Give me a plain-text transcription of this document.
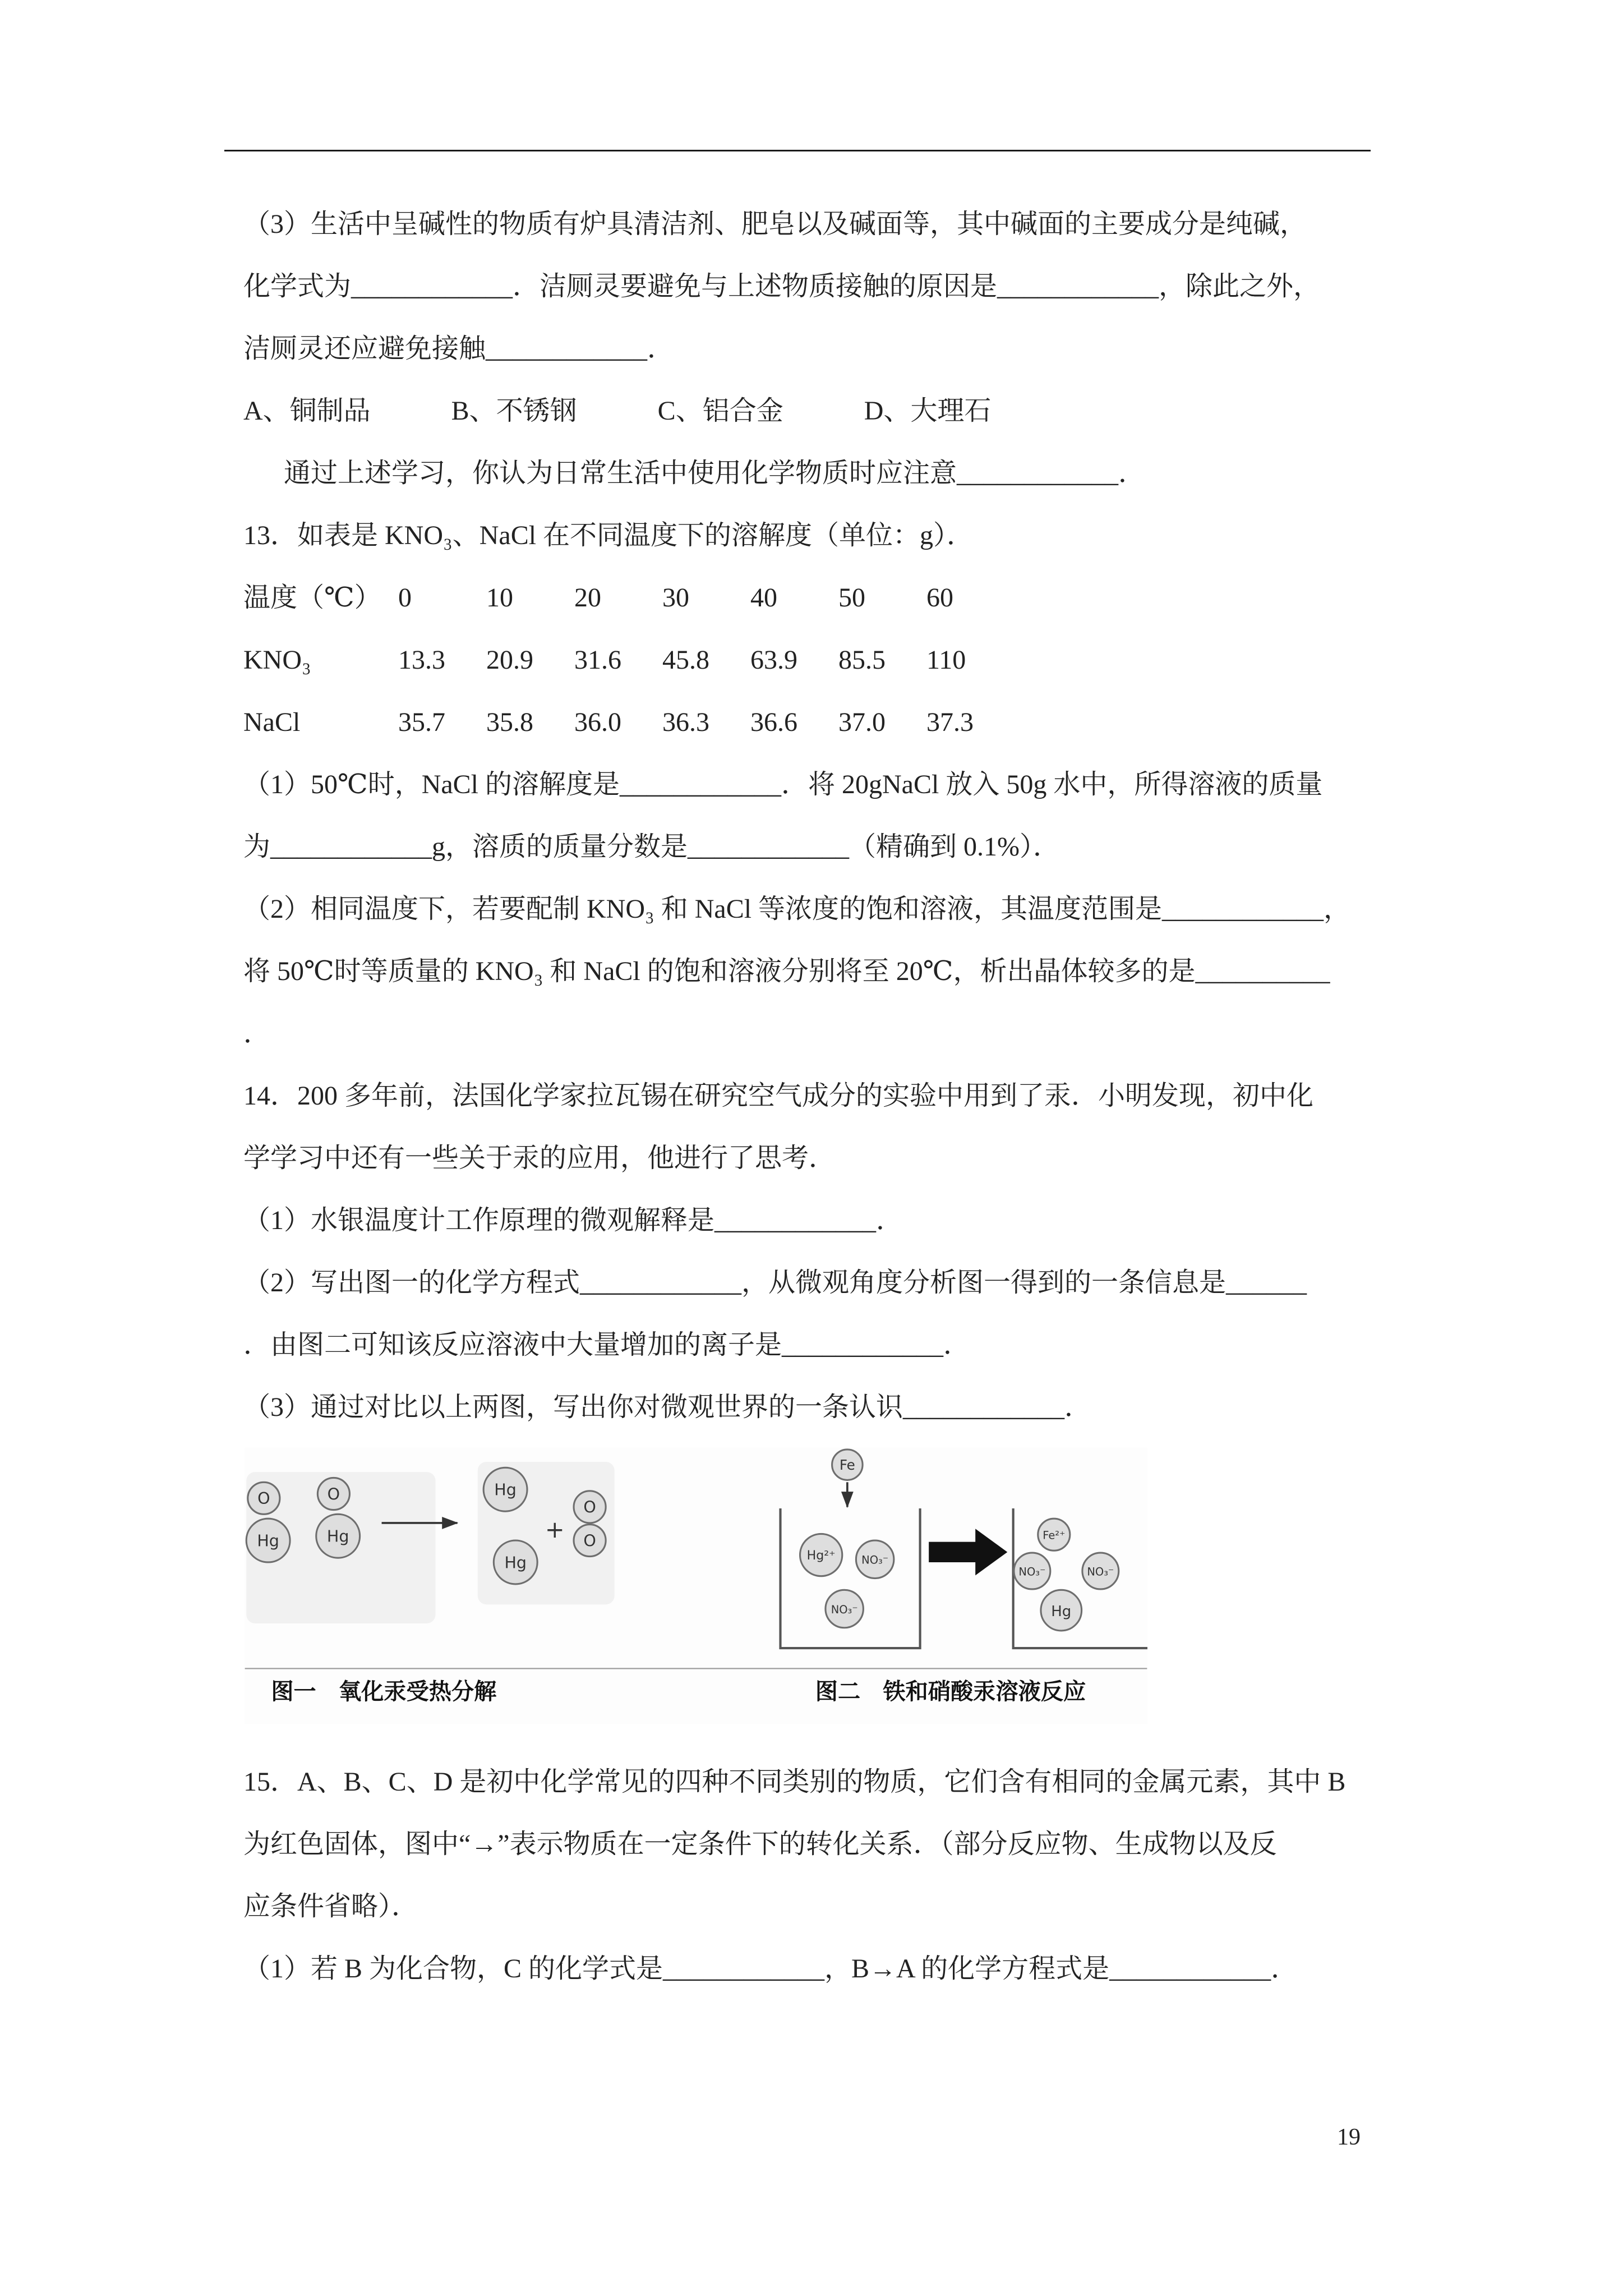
（3）生活中呈碱性的物质有炉具清洁剂、肥皂以及碱面等，其中碱面的主要成分是纯碱，

化学式为____________．洁厕灵要避免与上述物质接触的原因是____________，除此之外，

洁厕灵还应避免接触____________．

A、铜制品　　　B、不锈钢　　　C、铝合金　　　D、大理石

通过上述学习，你认为日常生活中使用化学物质时应注意____________．

13．如表是 KNO₃、NaCl 在不同温度下的溶解度（单位：g）．

温度（℃）	0	10	20	30	40	50	60
KNO₃	13.3	20.9	31.6	45.8	63.9	85.5	110
NaCl	35.7	35.8	36.0	36.3	36.6	37.0	37.3

（1）50℃时，NaCl 的溶解度是____________．将 20gNaCl 放入 50g 水中，所得溶液的质量

为____________g，溶质的质量分数是____________（精确到 0.1%）．

（2）相同温度下，若要配制 KNO₃ 和 NaCl 等浓度的饱和溶液，其温度范围是____________，

将 50℃时等质量的 KNO₃ 和 NaCl 的饱和溶液分别将至 20℃，析出晶体较多的是__________

．

14．200 多年前，法国化学家拉瓦锡在研究空气成分的实验中用到了汞．小明发现，初中化

学学习中还有一些关于汞的应用，他进行了思考．

（1）水银温度计工作原理的微观解释是____________．

（2）写出图一的化学方程式____________，从微观角度分析图一得到的一条信息是______

．由图二可知该反应溶液中大量增加的离子是____________．

（3）通过对比以上两图，写出你对微观世界的一条认识____________．

O
Hg
O
Hg
Hg
Hg
+
O
O
Fe
Hg²⁺	NO₃⁻
NO₃⁻
Fe²⁺
NO₃⁻	NO₃⁻
Hg
图一　氧化汞受热分解	图二　铁和硝酸汞溶液反应

15．A、B、C、D 是初中化学常见的四种不同类别的物质，它们含有相同的金属元素，其中 B

为红色固体，图中“→”表示物质在一定条件下的转化关系．（部分反应物、生成物以及反

应条件省略）．

（1）若 B 为化合物，C 的化学式是____________，B→A 的化学方程式是____________．

19
